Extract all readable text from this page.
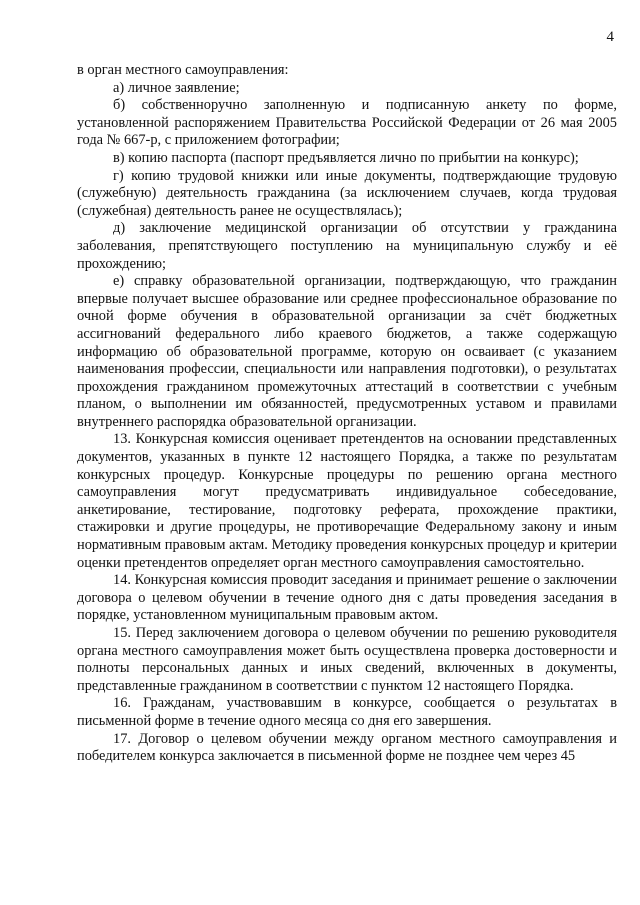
4

в орган местного самоуправления:

а) личное заявление;

б) собственноручно заполненную и подписанную анкету по форме, установленной распоряжением Правительства Российской Федерации от 26 мая 2005 года № 667-р, с приложением фотографии;

в) копию паспорта (паспорт предъявляется лично по прибытии на конкурс);

г) копию трудовой книжки или иные документы, подтверждающие трудовую (служебную) деятельность гражданина (за исключением случаев, когда трудовая (служебная) деятельность ранее не осуществлялась);

д) заключение медицинской организации об отсутствии у гражданина заболевания, препятствующего поступлению на муниципальную службу и её прохождению;

е) справку образовательной организации, подтверждающую, что гражданин впервые получает высшее образование или среднее профессиональное образование по очной форме обучения в образовательной организации за счёт бюджетных ассигнований федерального либо краевого бюджетов, а также содержащую информацию об образовательной программе, которую он осваивает (с указанием наименования профессии, специальности или направления подготовки), о результатах прохождения гражданином промежуточных аттестаций в соответствии с учебным планом, о выполнении им обязанностей, предусмотренных уставом и правилами внутреннего распорядка образовательной организации.

13. Конкурсная комиссия оценивает претендентов на основании представленных документов, указанных в пункте 12 настоящего Порядка, а также по результатам конкурсных процедур. Конкурсные процедуры по решению органа местного самоуправления могут предусматривать индивидуальное собеседование, анкетирование, тестирование, подготовку реферата, прохождение практики, стажировки и другие процедуры, не противоречащие Федеральному закону и иным нормативным правовым актам. Методику проведения конкурсных процедур и критерии оценки претендентов определяет орган местного самоуправления самостоятельно.

14. Конкурсная комиссия проводит заседания и принимает решение о заключении договора о целевом обучении в течение одного дня с даты проведения заседания в порядке, установленном муниципальным правовым актом.

15. Перед заключением договора о целевом обучении по решению руководителя органа местного самоуправления может быть осуществлена проверка достоверности и полноты персональных данных и иных сведений, включенных в документы, представленные гражданином в соответствии с пунктом 12 настоящего Порядка.

16. Гражданам, участвовавшим в конкурсе, сообщается о результатах в письменной форме в течение одного месяца со дня его завершения.

17. Договор о целевом обучении между органом местного самоуправления и победителем конкурса заключается в письменной форме не позднее чем через 45
